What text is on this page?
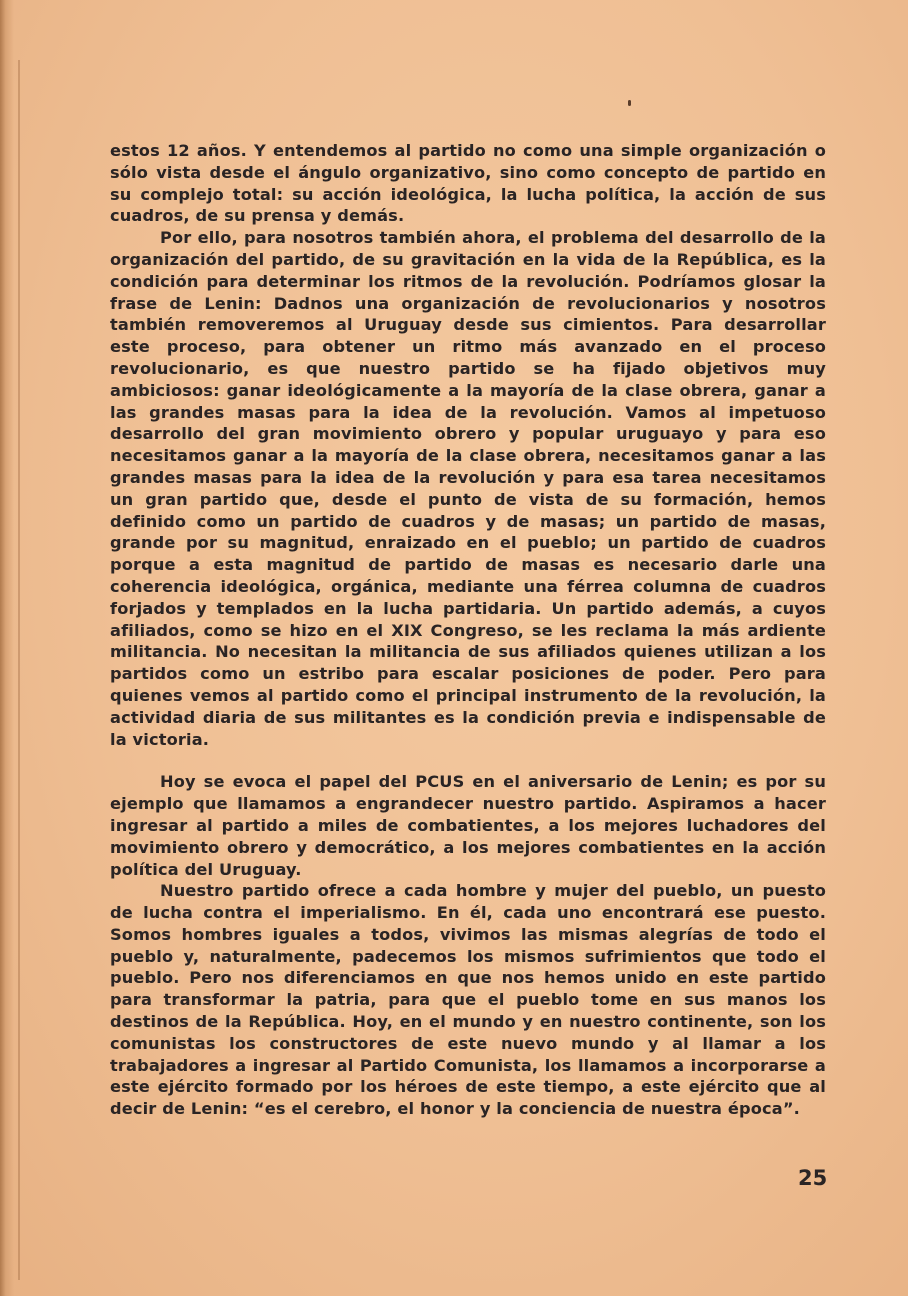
estos 12 años. Y entendemos al partido no como una simple organización o sólo vista desde el ángulo organizativo, sino como concepto de partido en su complejo total: su acción ideológica, la lucha política, la acción de sus cuadros, de su prensa y demás.

Por ello, para nosotros también ahora, el problema del desarrollo de la organización del partido, de su gravitación en la vida de la República, es la condición para determinar los ritmos de la revolución. Podríamos glosar la frase de Lenin: Dadnos una organización de revolucionarios y nosotros también removeremos al Uruguay desde sus cimientos. Para desarrollar este proceso, para obtener un ritmo más avanzado en el proceso revolucionario, es que nuestro partido se ha fijado objetivos muy ambiciosos: ganar ideológicamente a la mayoría de la clase obrera, ganar a las grandes masas para la idea de la revolución. Vamos al impetuoso desarrollo del gran movimiento obrero y popular uruguayo y para eso necesitamos ganar a la mayoría de la clase obrera, necesitamos ganar a las grandes masas para la idea de la revolución y para esa tarea necesitamos un gran partido que, desde el punto de vista de su formación, hemos definido como un partido de cuadros y de masas; un partido de masas, grande por su magnitud, enraizado en el pueblo; un partido de cuadros porque a esta magnitud de partido de masas es necesario darle una coherencia ideológica, orgánica, mediante una férrea columna de cuadros forjados y templados en la lucha partidaria. Un partido además, a cuyos afiliados, como se hizo en el XIX Congreso, se les reclama la más ardiente militancia. No necesitan la militancia de sus afiliados quienes utilizan a los partidos como un estribo para escalar posiciones de poder. Pero para quienes vemos al partido como el principal instrumento de la revolución, la actividad diaria de sus militantes es la condición previa e indispensable de la victoria.

Hoy se evoca el papel del PCUS en el aniversario de Lenin; es por su ejemplo que llamamos a engrandecer nuestro partido. Aspiramos a hacer ingresar al partido a miles de combatientes, a los mejores luchadores del movimiento obrero y democrático, a los mejores combatientes en la acción política del Uruguay.

Nuestro partido ofrece a cada hombre y mujer del pueblo, un puesto de lucha contra el imperialismo. En él, cada uno encontrará ese puesto. Somos hombres iguales a todos, vivimos las mismas alegrías de todo el pueblo y, naturalmente, padecemos los mismos sufrimientos que todo el pueblo. Pero nos diferenciamos en que nos hemos unido en este partido para transformar la patria, para que el pueblo tome en sus manos los destinos de la República. Hoy, en el mundo y en nuestro continente, son los comunistas los constructores de este nuevo mundo y al llamar a los trabajadores a ingresar al Partido Comunista, los llamamos a incorporarse a este ejército formado por los héroes de este tiempo, a este ejército que al decir de Lenin: “es el cerebro, el honor y la conciencia de nuestra época”.

25
